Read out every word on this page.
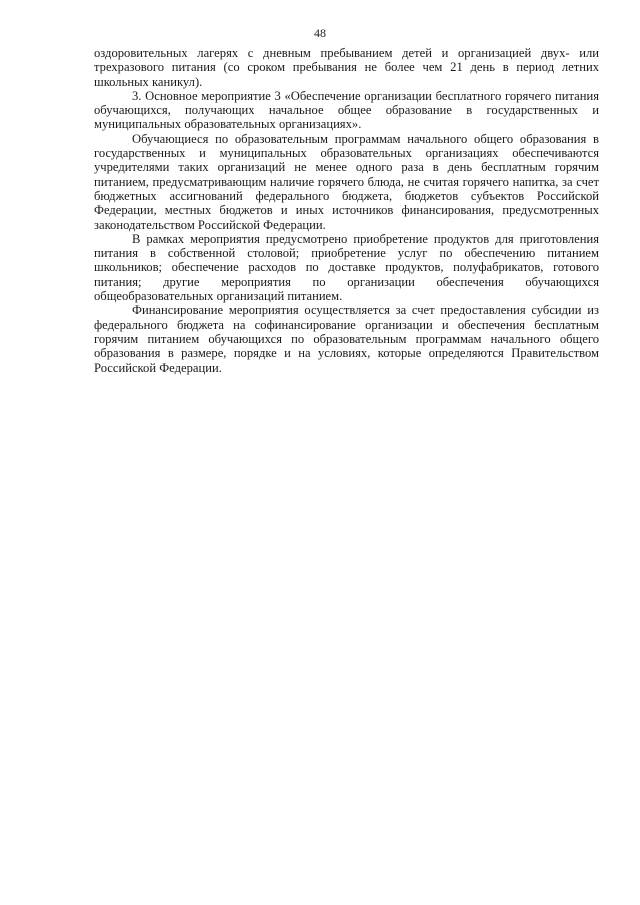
48

оздоровительных лагерях с дневным пребыванием детей и организацией двух- или трехразового питания (со сроком пребывания не более чем 21 день в период летних школьных каникул).

3. Основное мероприятие 3 «Обеспечение организации бесплатного горячего питания обучающихся, получающих начальное общее образование в государственных и муниципальных образовательных организациях».

Обучающиеся по образовательным программам начального общего образования в государственных и муниципальных образовательных организациях обеспечиваются учредителями таких организаций не менее одного раза в день бесплатным горячим питанием, предусматривающим наличие горячего блюда, не считая горячего напитка, за счет бюджетных ассигнований федерального бюджета, бюджетов субъектов Российской Федерации, местных бюджетов и иных источников финансирования, предусмотренных законодательством Российской Федерации.

В рамках мероприятия предусмотрено приобретение продуктов для приготовления питания в собственной столовой; приобретение услуг по обеспечению питанием школьников; обеспечение расходов по доставке продуктов, полуфабрикатов, готового питания; другие мероприятия по организации обеспечения обучающихся общеобразовательных организаций питанием.

Финансирование мероприятия осуществляется за счет предоставления субсидии из федерального бюджета на софинансирование организации и обеспечения бесплатным горячим питанием обучающихся по образовательным программам начального общего образования в размере, порядке и на условиях, которые определяются Правительством Российской Федерации.
